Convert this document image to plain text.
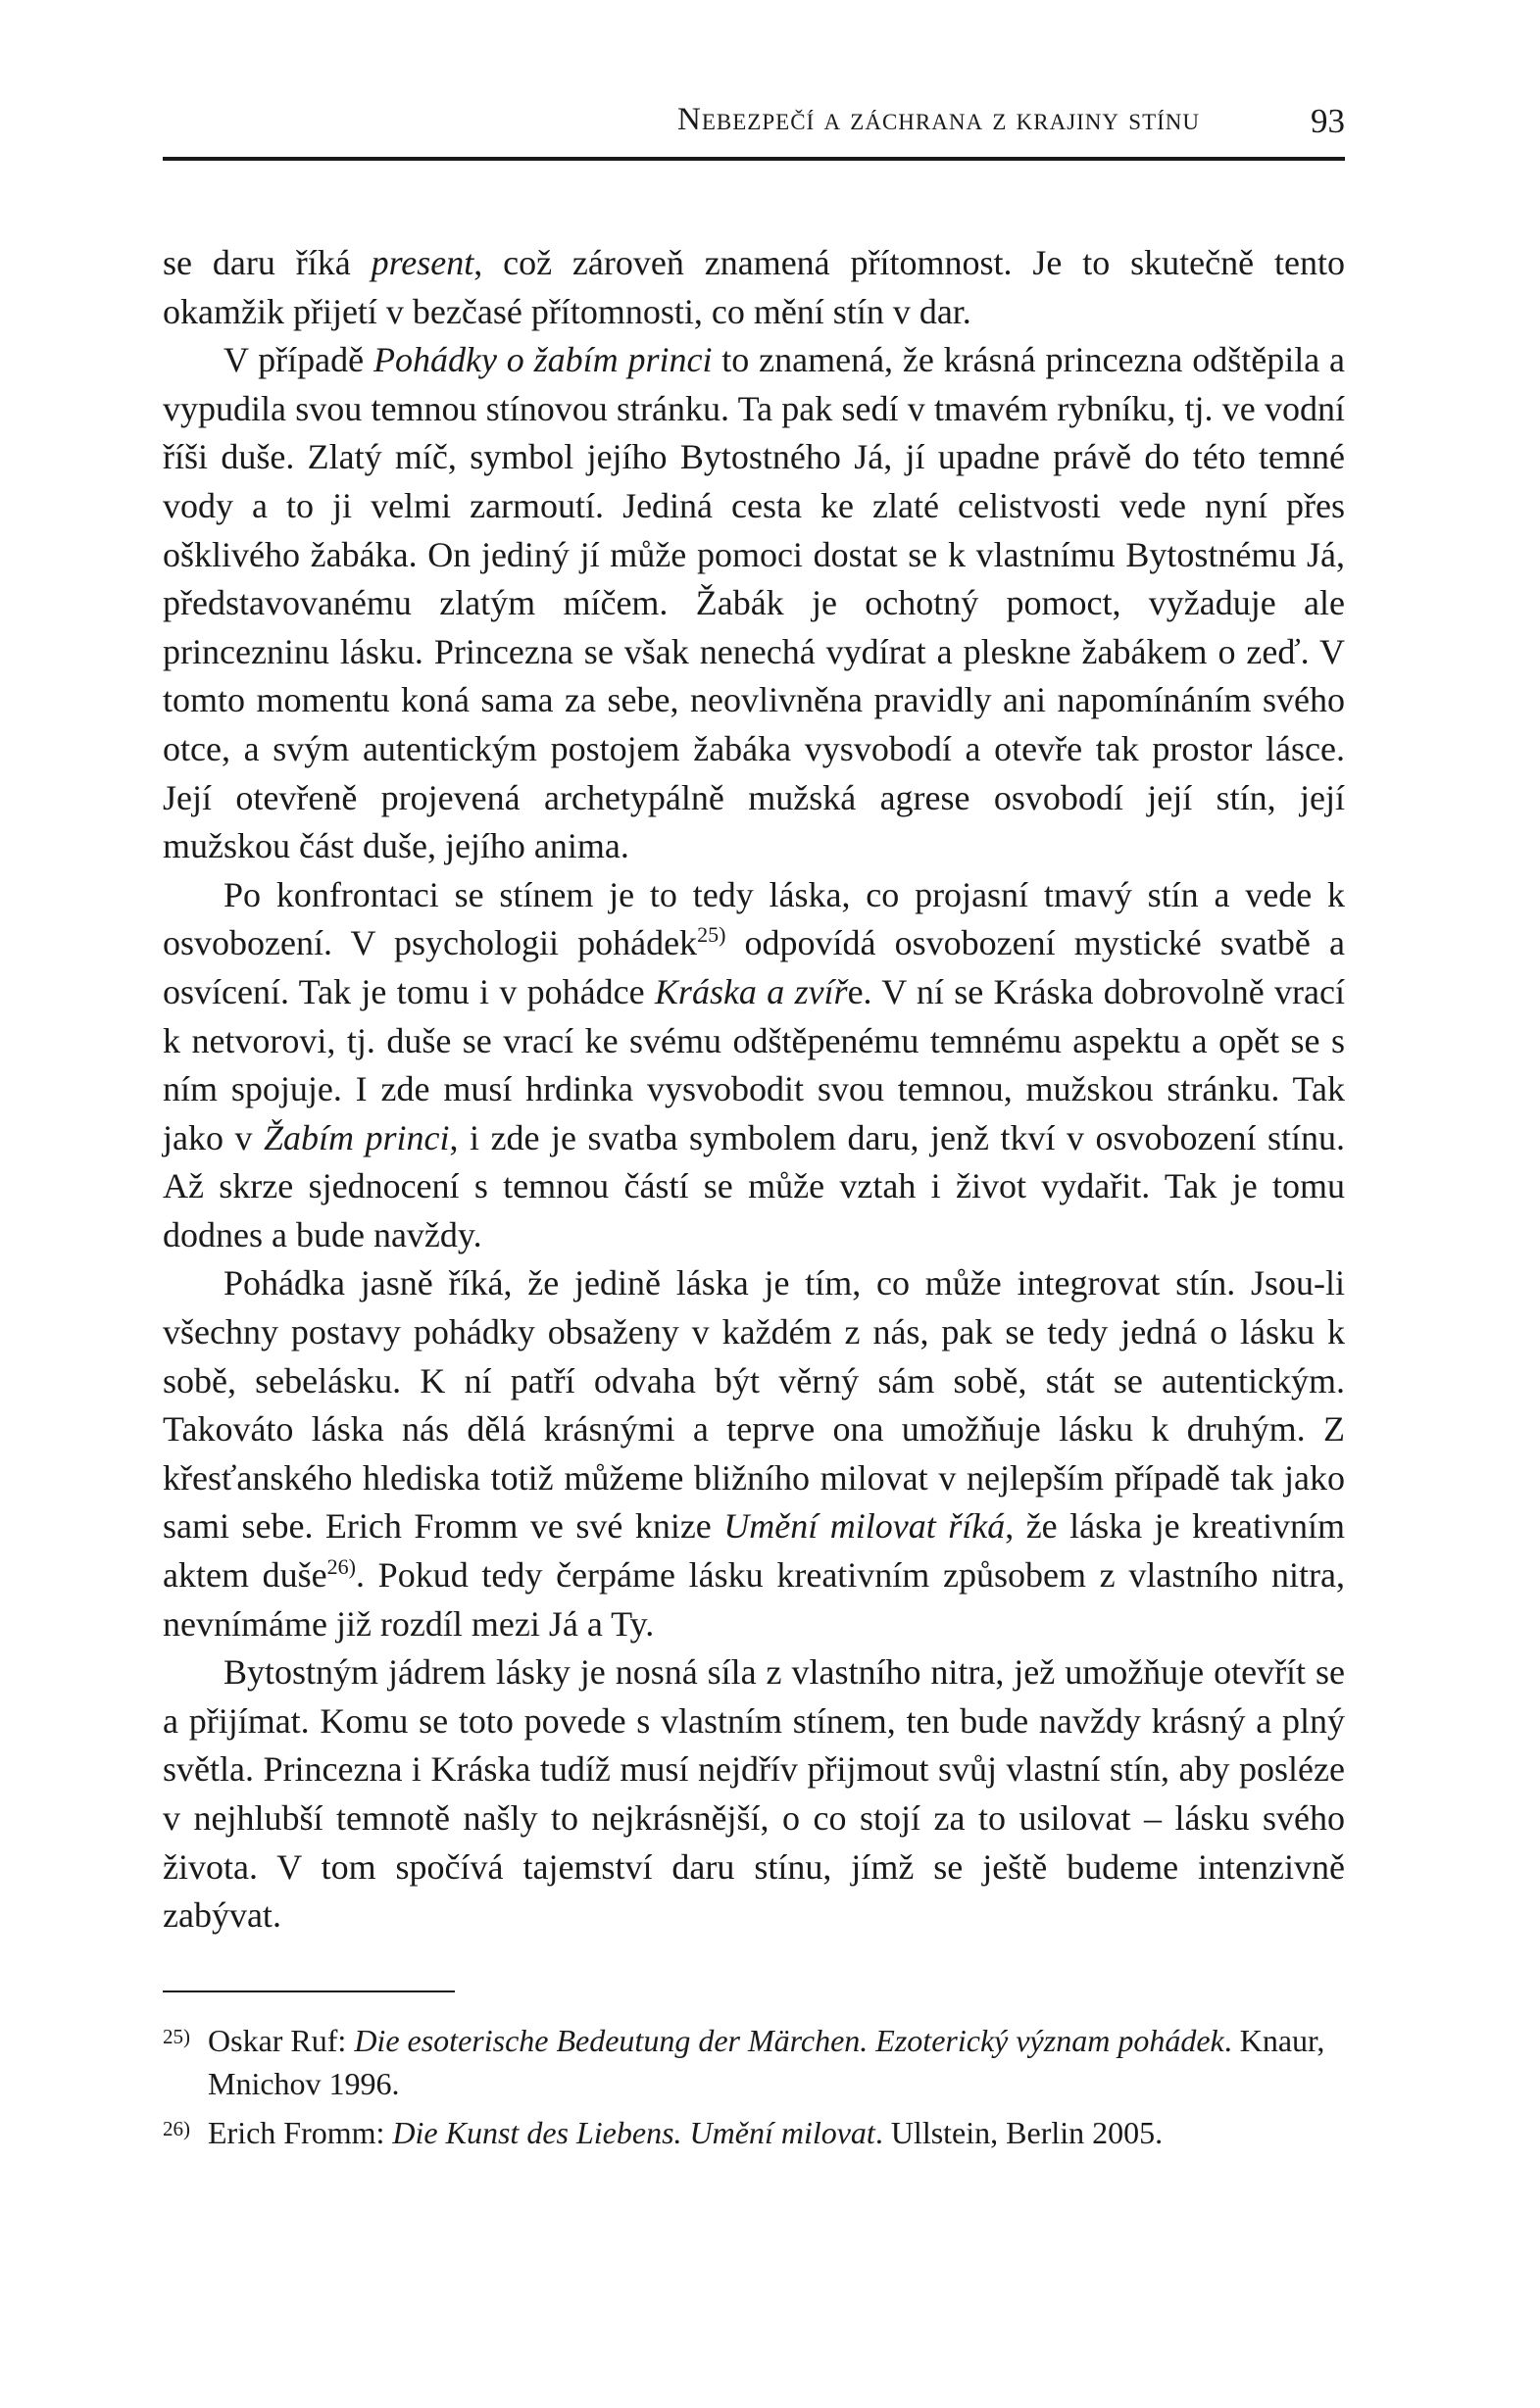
Nebezpečí a záchrana z krajiny stínu	93

se daru říká present, což zároveň znamená přítomnost. Je to skutečně tento okamžik přijetí v bezčasé přítomnosti, co mění stín v dar.

V případě Pohádky o žabím princi to znamená, že krásná princezna odštěpila a vypudila svou temnou stínovou stránku. Ta pak sedí v tmavém rybníku, tj. ve vodní říši duše. Zlatý míč, symbol jejího Bytostného Já, jí upadne právě do této temné vody a to ji velmi zarmoutí. Jediná cesta ke zlaté celistvosti vede nyní přes ošklivého žabáka. On jediný jí může pomoci dostat se k vlastnímu Bytostnému Já, představovanému zlatým míčem. Žabák je ochotný pomoct, vyžaduje ale princezninu lásku. Princezna se však nenechá vydírat a pleskne žabákem o zeď. V tomto momentu koná sama za sebe, neovlivněna pravidly ani napomínáním svého otce, a svým autentickým postojem žabáka vysvobodí a otevře tak prostor lásce. Její otevřeně projevená archetypálně mužská agrese osvobodí její stín, její mužskou část duše, jejího anima.

Po konfrontaci se stínem je to tedy láska, co projasní tmavý stín a vede k osvobození. V psychologii pohádek$^{25)}$ odpovídá osvobození mystické svatbě a osvícení. Tak je tomu i v pohádce Kráska a zvíře. V ní se Kráska dobrovolně vrací k netvorovi, tj. duše se vrací ke svému odštěpenému temnému aspektu a opět se s ním spojuje. I zde musí hrdinka vysvobodit svou temnou, mužskou stránku. Tak jako v Žabím princi, i zde je svatba symbolem daru, jenž tkví v osvobození stínu. Až skrze sjednocení s temnou částí se může vztah i život vydařit. Tak je tomu dodnes a bude navždy.

Pohádka jasně říká, že jedině láska je tím, co může integrovat stín. Jsou-li všechny postavy pohádky obsaženy v každém z nás, pak se tedy jedná o lásku k sobě, sebelásku. K ní patří odvaha být věrný sám sobě, stát se autentickým. Takováto láska nás dělá krásnými a teprve ona umožňuje lásku k druhým. Z křesťanského hlediska totiž můžeme bližního milovat v nejlepším případě tak jako sami sebe. Erich Fromm ve své knize Umění milovat říká, že láska je kreativním aktem duše$^{26)}$. Pokud tedy čerpáme lásku kreativním způsobem z vlastního nitra, nevnímáme již rozdíl mezi Já a Ty.

Bytostným jádrem lásky je nosná síla z vlastního nitra, jež umožňuje otevřít se a přijímat. Komu se toto povede s vlastním stínem, ten bude navždy krásný a plný světla. Princezna i Kráska tudíž musí nejdřív přijmout svůj vlastní stín, aby posléze v nejhlubší temnotě našly to nejkrásnější, o co stojí za to usilovat – lásku svého života. V tom spočívá tajemství daru stínu, jímž se ještě budeme intenzivně zabývat.

25) Oskar Ruf: Die esoterische Bedeutung der Märchen. Ezoterický význam pohádek. Knaur, Mnichov 1996.

26) Erich Fromm: Die Kunst des Liebens. Umění milovat. Ullstein, Berlin 2005.
